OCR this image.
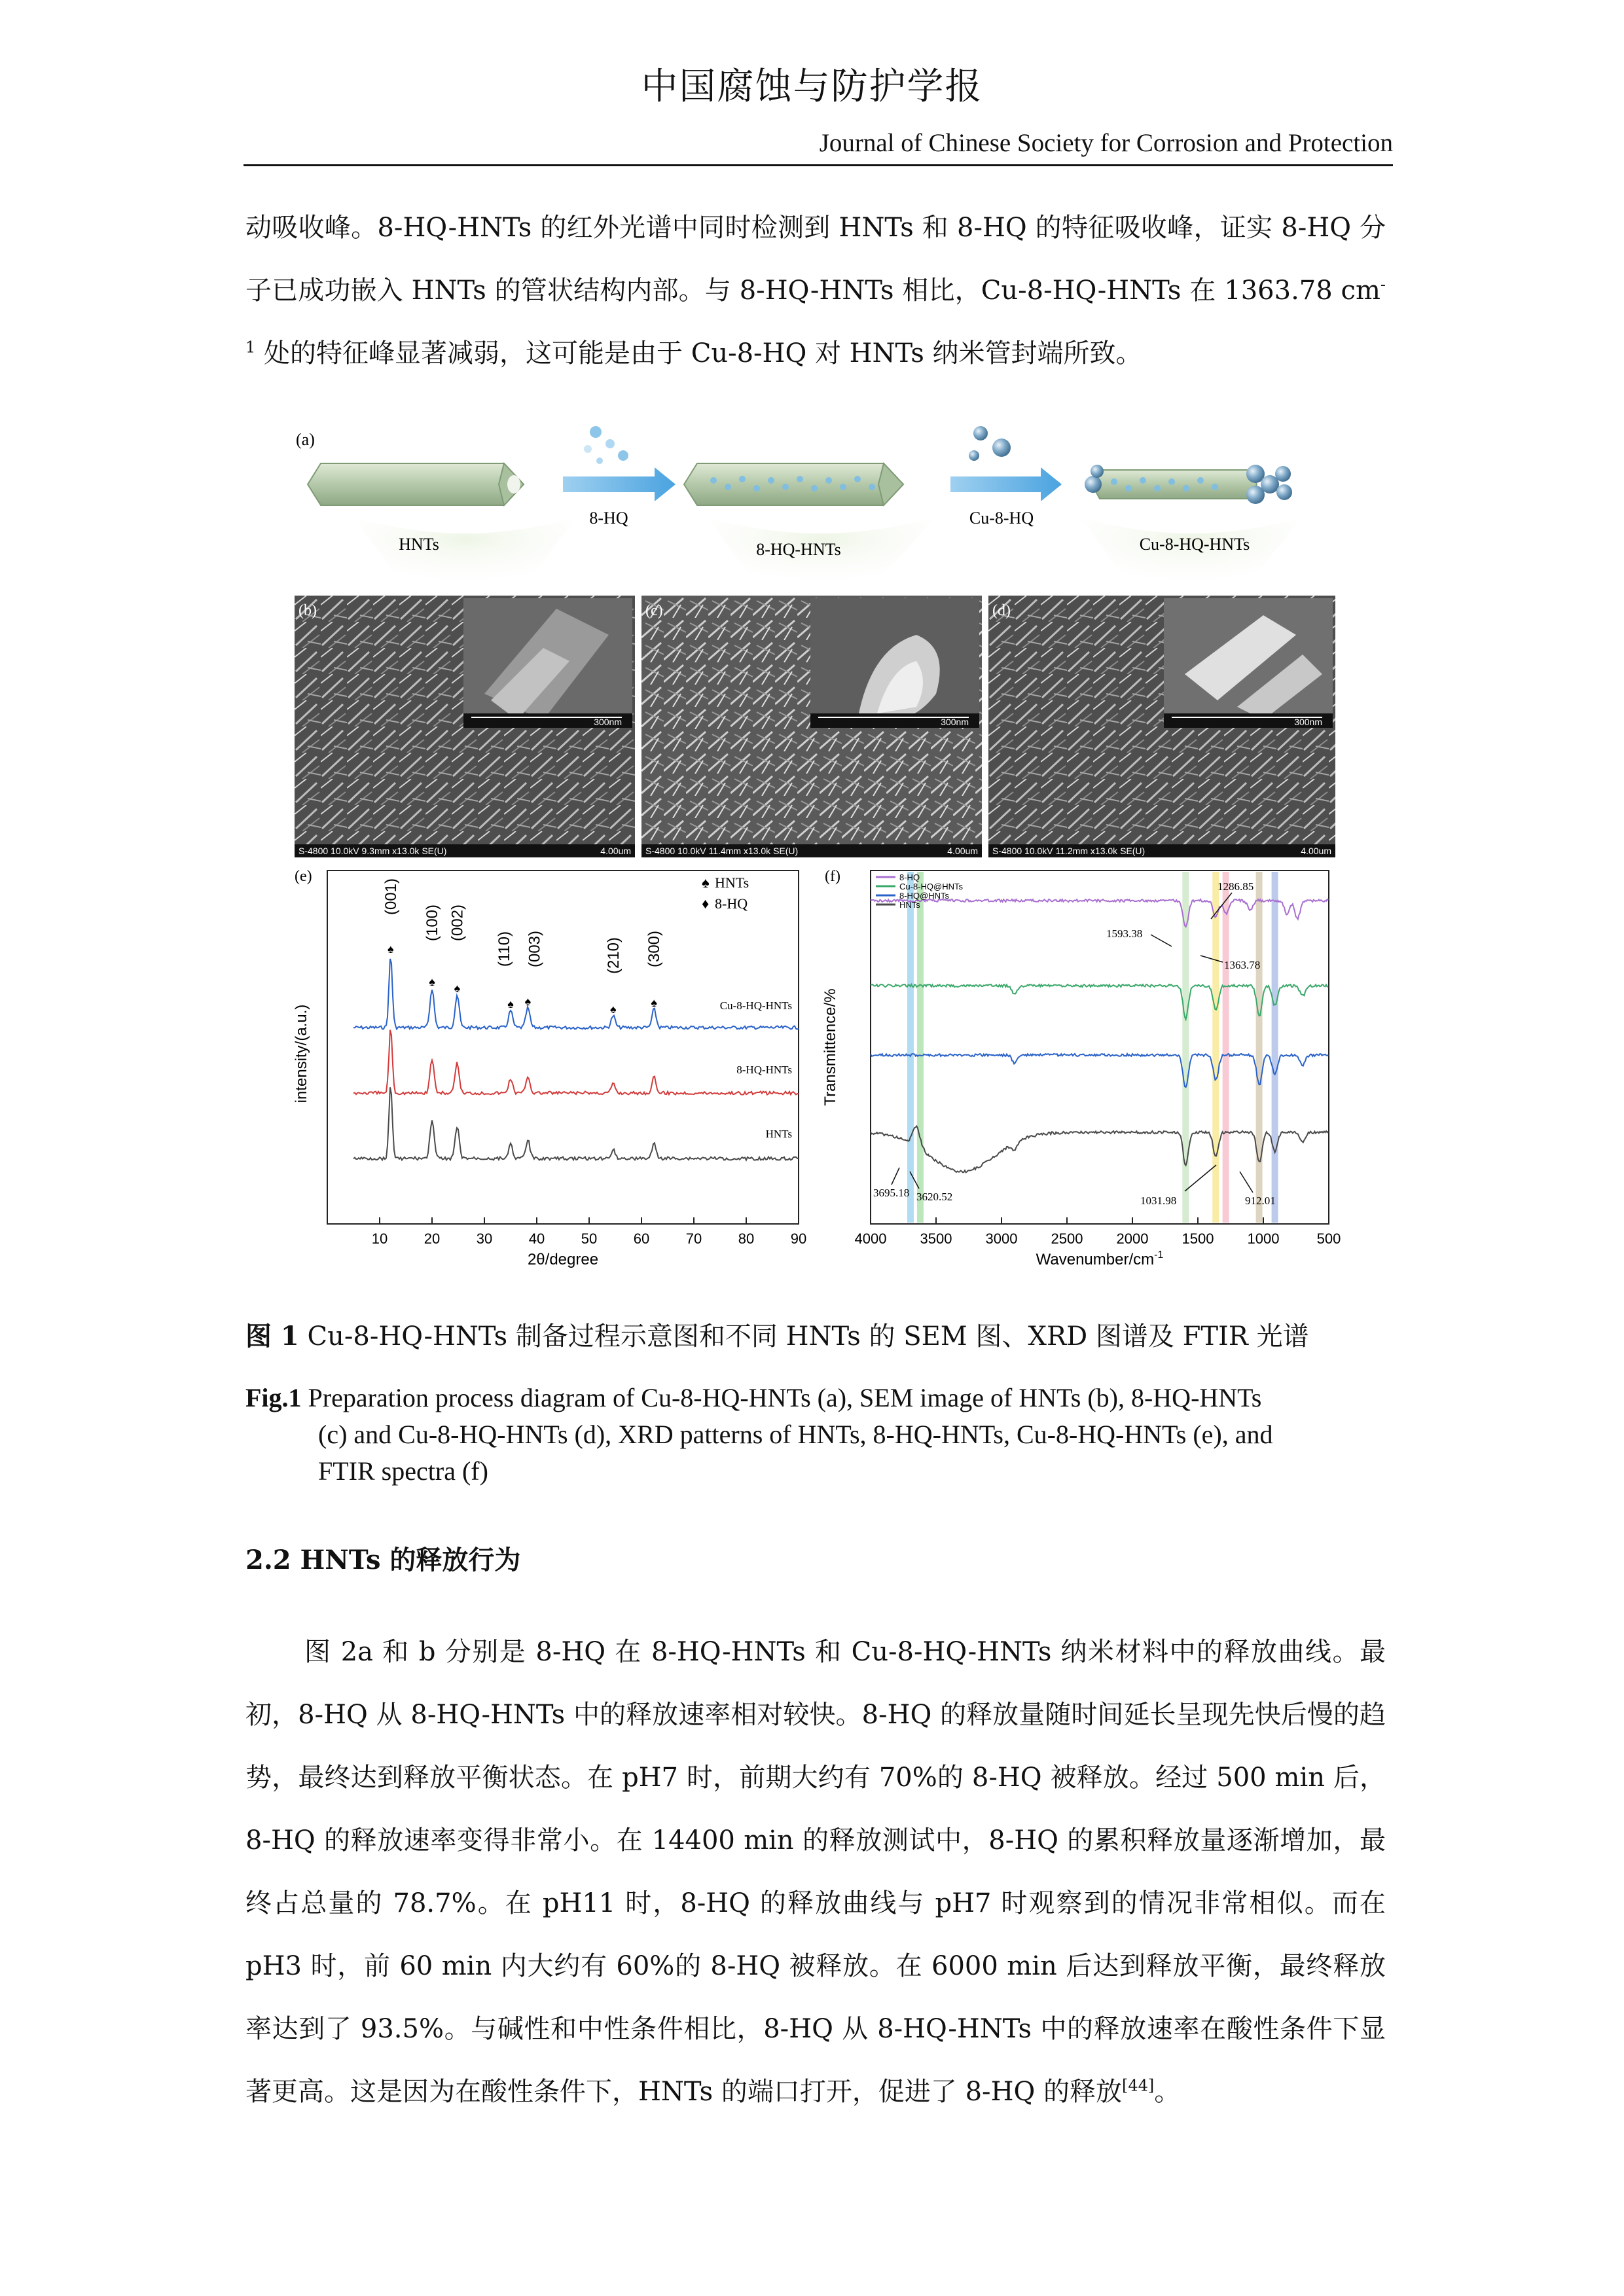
中国腐蚀与防护学报
Journal of Chinese Society for Corrosion and Protection
动吸收峰。8-HQ-HNTs 的红外光谱中同时检测到 HNTs 和 8-HQ 的特征吸收峰，证实 8-HQ 分子已成功嵌入 HNTs 的管状结构内部。与 8-HQ-HNTs 相比，Cu-8-HQ-HNTs 在 1363.78 $cm^{-1}$ 处的特征峰显著减弱，这可能是由于 Cu-8-HQ 对 HNTs 纳米管封端所致。
(a)
HNTs
8-HQ
8-HQ-HNTs
Cu-8-HQ
Cu-8-HQ-HNTs
300nm
S-4800 10.0kV 9.3mm x13.0k SE(U)	4.00um
(b)
300nm
S-4800 10.0kV 11.4mm x13.0k SE(U)	4.00um
(c)
300nm
S-4800 10.0kV 11.2mm x13.0k SE(U)	4.00um
(d)
(e)
10	20	30	40	50	60	70	80	90
2θ/degree
intensity/(a.u.)
(001)
♠
(100)
♠
(002)
♠
(110)
♠
(003)
♠
(210)
♠
(300)
♠
♠ HNTs
♦ 8-HQ
Cu-8-HQ-HNTs
8-HQ-HNTs
HNTs
(f)
4000 3500 3000 2500 2000 1500 1000	500
Wavenumber/$cm^{-1}$
Transmittence/%
8-HQ
Cu-8-HQ@HNTs
8-HQ@HNTs
HNTs
1286.85
1593.38
1363.78
3695.18 3620.52	1031.98	912.01
图 1 Cu-8-HQ-HNTs 制备过程示意图和不同 HNTs 的 SEM 图、XRD 图谱及 FTIR 光谱
Fig.1 Preparation process diagram of Cu-8-HQ-HNTs (a), SEM image of HNTs (b), 8-HQ-HNTs
(c) and Cu-8-HQ-HNTs (d), XRD patterns of HNTs, 8-HQ-HNTs, Cu-8-HQ-HNTs (e), and
FTIR spectra (f)
2.2 HNTs 的释放行为
图 2a 和 b 分别是 8-HQ 在 8-HQ-HNTs 和 Cu-8-HQ-HNTs 纳米材料中的释放曲线。最初，8-HQ 从 8-HQ-HNTs 中的释放速率相对较快。8-HQ 的释放量随时间延长呈现先快后慢的趋势，最终达到释放平衡状态。在 pH7 时，前期大约有 70%的 8-HQ 被释放。经过 500 min 后，8-HQ 的释放速率变得非常小。在 14400 min 的释放测试中，8-HQ 的累积释放量逐渐增加，最终占总量的 78.7%。在 pH11 时，8-HQ 的释放曲线与 pH7 时观察到的情况非常相似。而在 pH3 时，前 60 min 内大约有 60%的 8-HQ 被释放。在 6000 min 后达到释放平衡，最终释放率达到了 93.5%。与碱性和中性条件相比，8-HQ 从 8-HQ-HNTs 中的释放速率在酸性条件下显著更高。这是因为在酸性条件下，HNTs 的端口打开，促进了 8-HQ 的释放[44]。
